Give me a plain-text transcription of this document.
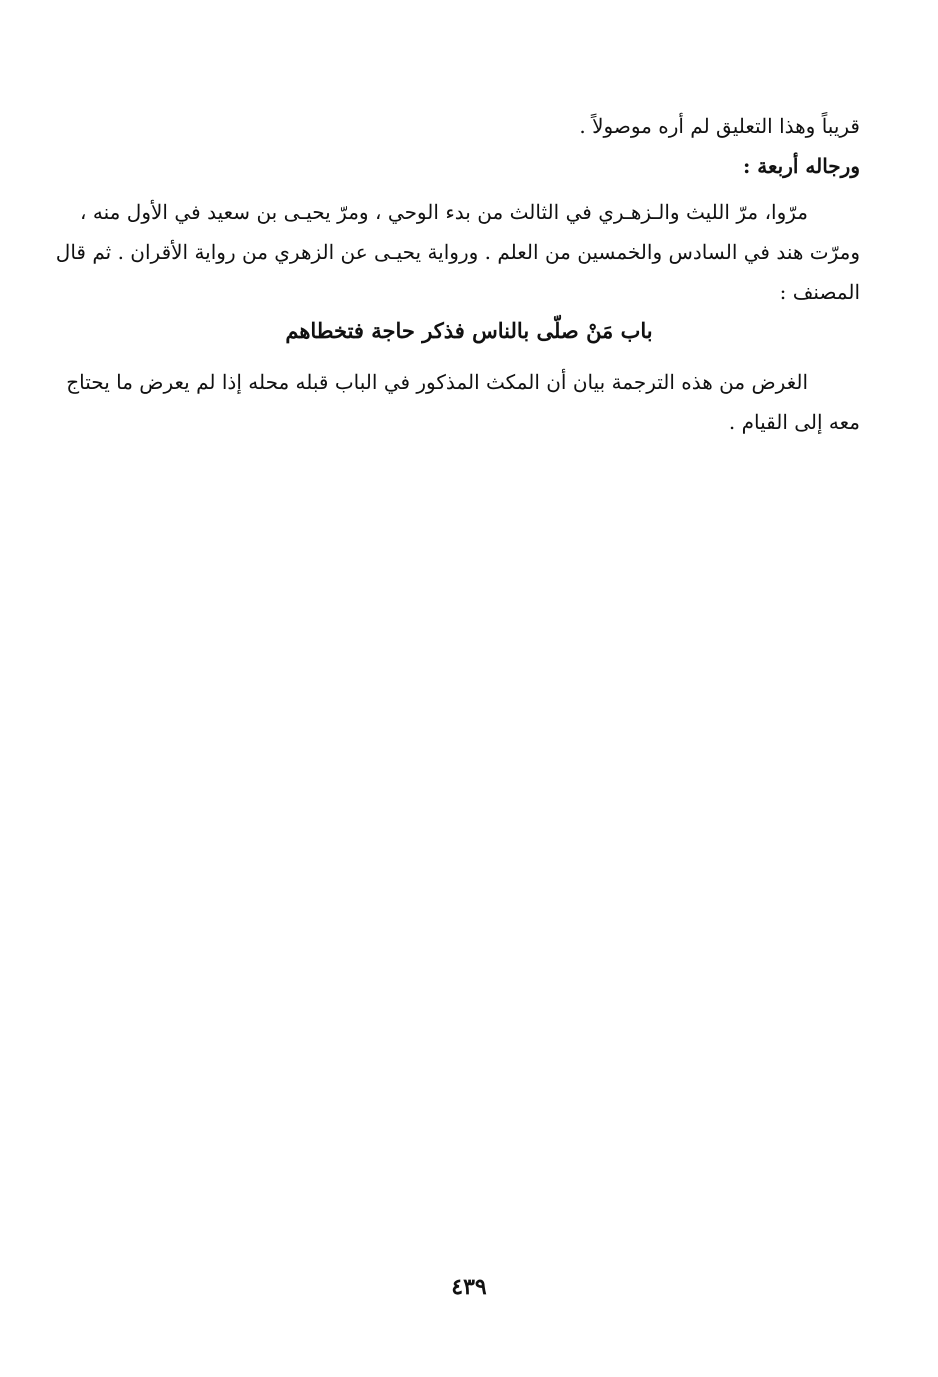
قريباً وهذا التعليق لم أره موصولاً .
ورجاله أربعة :
مرّوا، مرّ الليث والـزهـري في الثالث من بدء الوحي ، ومرّ يحيـى بن سعيد في الأول منه ،
ومرّت هند في السادس والخمسين من العلم . ورواية يحيـى عن الزهري من رواية الأقران . ثم قال
المصنف :
باب مَنْ صلّى بالناس فذكر حاجة فتخطاهم
الغرض من هذه الترجمة بيان أن المكث المذكور في الباب قبله محله إذا لم يعرض ما يحتاج
معه إلى القيام .
٤٣٩
